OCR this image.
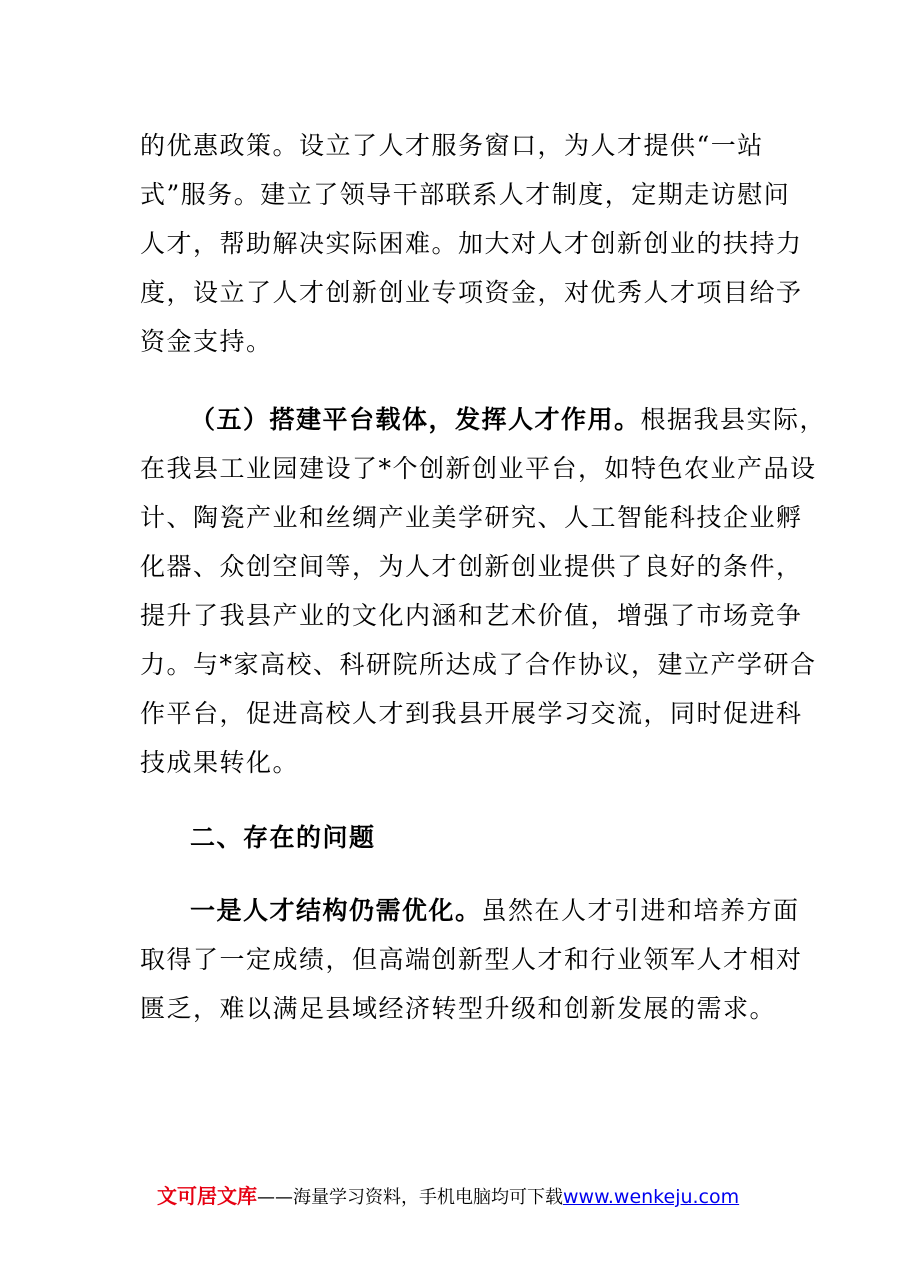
的优惠政策。设立了人才服务窗口，为人才提供“一站
式”服务。建立了领导干部联系人才制度，定期走访慰问
人才，帮助解决实际困难。加大对人才创新创业的扶持力
度，设立了人才创新创业专项资金，对优秀人才项目给予
资金支持。

（五）搭建平台载体，发挥人才作用。根据我县实际，
在我县工业园建设了*个创新创业平台，如特色农业产品设
计、陶瓷产业和丝绸产业美学研究、人工智能科技企业孵
化器、众创空间等，为人才创新创业提供了良好的条件，
提升了我县产业的文化内涵和艺术价值，增强了市场竞争
力。与*家高校、科研院所达成了合作协议，建立产学研合
作平台，促进高校人才到我县开展学习交流，同时促进科
技成果转化。

二、存在的问题

一是人才结构仍需优化。虽然在人才引进和培养方面
取得了一定成绩，但高端创新型人才和行业领军人才相对
匮乏，难以满足县域经济转型升级和创新发展的需求。

文可居文库——海量学习资料，手机电脑均可下载www.wenkeju.com
